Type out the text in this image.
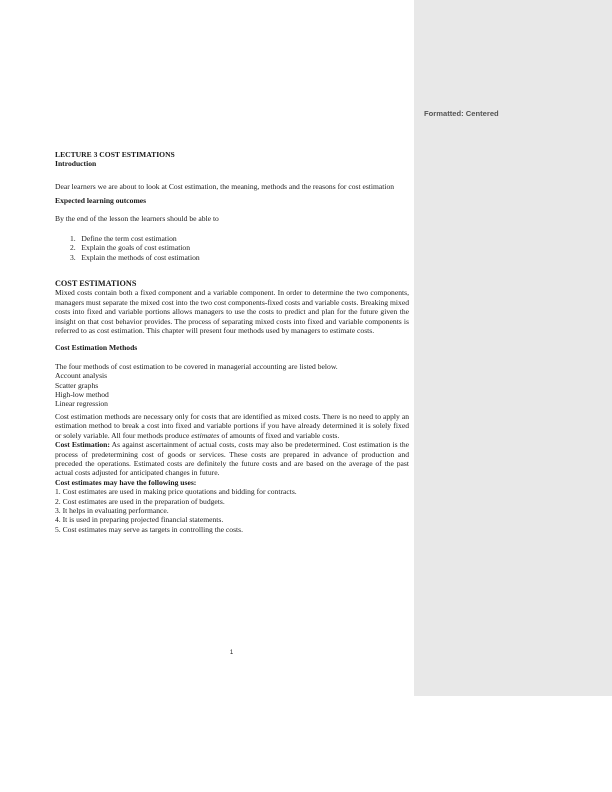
Formatted: Centered

LECTURE 3 COST ESTIMATIONS

Introduction

Dear learners we are about to look at Cost estimation, the meaning, methods and the reasons for cost estimation

Expected learning outcomes

By the end of the lesson the learners should be able to

1. Define the term cost estimation
2. Explain the goals of cost estimation
3. Explain the methods of cost estimation

COST ESTIMATIONS

Mixed costs contain both a fixed component and a variable component. In order to determine the two components, managers must separate the mixed cost into the two cost components-fixed costs and variable costs. Breaking mixed costs into fixed and variable portions allows managers to use the costs to predict and plan for the future given the insight on that cost behavior provides. The process of separating mixed costs into fixed and variable components is referred to as cost estimation. This chapter will present four methods used by managers to estimate costs.

Cost Estimation Methods

The four methods of cost estimation to be covered in managerial accounting are listed below.

Account analysis

Scatter graphs

High-low method

Linear regression

Cost estimation methods are necessary only for costs that are identified as mixed costs. There is no need to apply an estimation method to break a cost into fixed and variable portions if you have already determined it is solely fixed or solely variable. All four methods produce estimates of amounts of fixed and variable costs.

Cost Estimation: As against ascertainment of actual costs, costs may also be predetermined. Cost estimation is the process of predetermining cost of goods or services. These costs are prepared in advance of production and preceded the operations. Estimated costs are definitely the future costs and are based on the average of the past actual costs adjusted for anticipated changes in future.

Cost estimates may have the following uses:

1. Cost estimates are used in making price quotations and bidding for contracts.

2. Cost estimates are used in the preparation of budgets.

3. It helps in evaluating performance.

4. It is used in preparing projected financial statements.

5. Cost estimates may serve as targets in controlling the costs.

1
